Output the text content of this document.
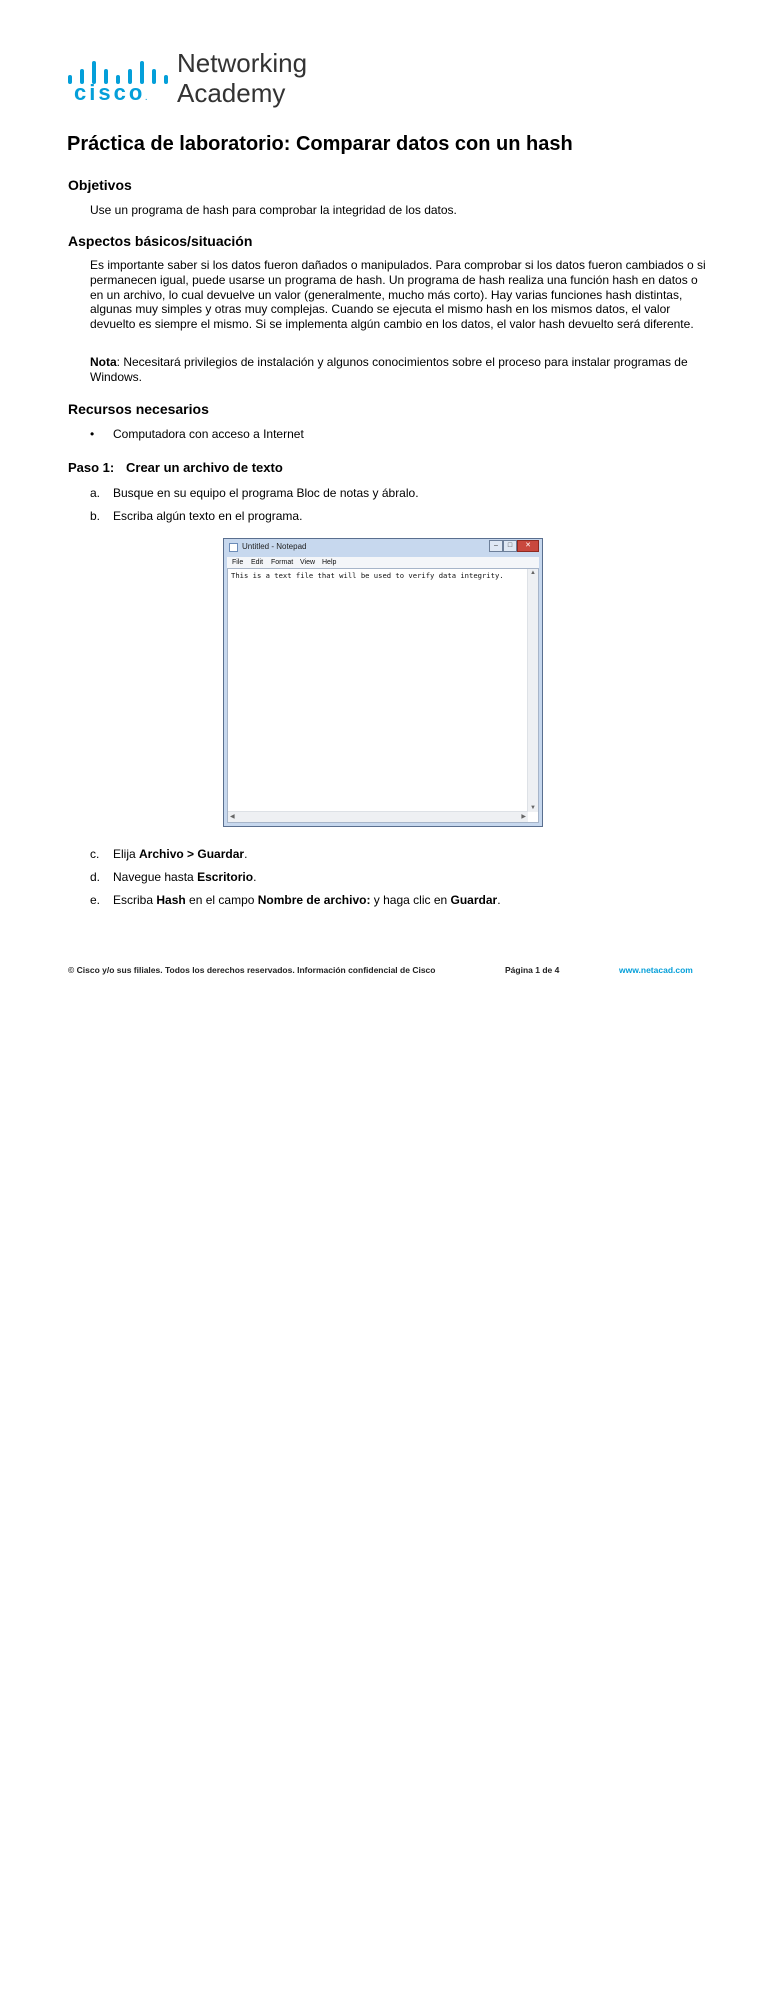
cisco.
Networking
Academy
Práctica de laboratorio: Comparar datos con un hash
Objetivos

Use un programa de hash para comprobar la integridad de los datos.

Aspectos básicos/situación

Es importante saber si los datos fueron dañados o manipulados. Para comprobar si los datos fueron cambiados o si permanecen igual, puede usarse un programa de hash. Un programa de hash realiza una función hash en datos o en un archivo, lo cual devuelve un valor (generalmente, mucho más corto). Hay varias funciones hash distintas, algunas muy simples y otras muy complejas. Cuando se ejecuta el mismo hash en los mismos datos, el valor devuelto es siempre el mismo. Si se implementa algún cambio en los datos, el valor hash devuelto será diferente.

Nota: Necesitará privilegios de instalación y algunos conocimientos sobre el proceso para instalar programas de Windows.

Recursos necesarios
• Computadora con acceso a Internet
Paso 1: Crear un archivo de texto
a. Busque en su equipo el programa Bloc de notas y ábralo.
b. Escriba algún texto en el programa.
Untitled - Notepad	–	□	✕
File Edit Format View Help
This is a text file that will be used to verify data integrity.	▲
▼
◀	▶
c. Elija Archivo > Guardar.
d. Navegue hasta Escritorio.
e. Escriba Hash en el campo Nombre de archivo: y haga clic en Guardar.
© Cisco y/o sus filiales. Todos los derechos reservados. Información confidencial de Cisco	Página 1 de 4	www.netacad.com
